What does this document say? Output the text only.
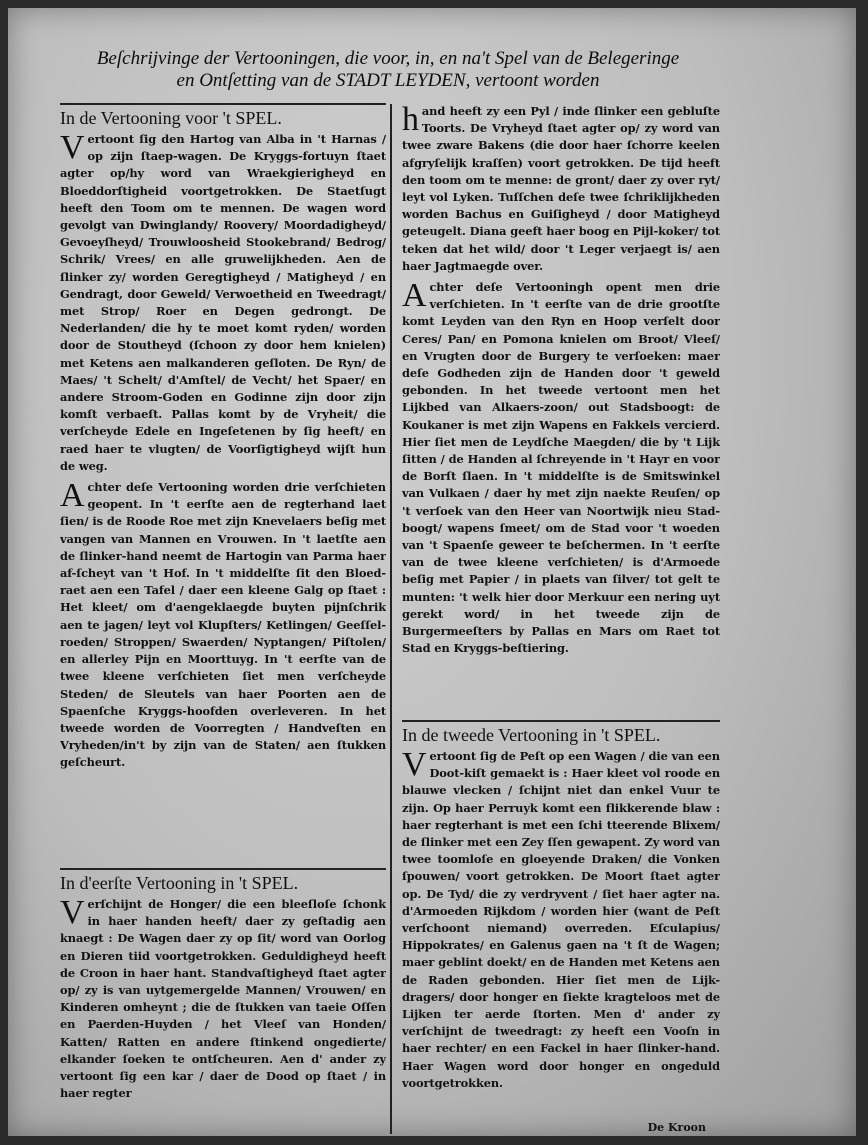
Beſchrijvinge der Vertooningen, die voor, in, en na't Spel van de Belegeringe
en Ontſetting van de STADT LEYDEN, vertoont worden
In de Vertooning voor 't SPEL.

Vertoont ſig den Hartog van Alba in 't Harnas / op zijn ſtaep-wagen. De Kryggs-fortuyn ſtaet agter op/hy word van Wraekgierigheyd en Bloeddorſtigheid voortgetrokken. De Staetſugt heeft den Toom om te mennen. De wagen word gevolgt van Dwinglandy/ Roovery/ Moordadigheyd/ Gevoeyſheyd/ Trouwloosheid Stookebrand/ Bedrog/ Schrik/ Vrees/ en alle gruwelijkheden. Aen de ſlinker zy/ worden Geregtigheyd / Matigheyd / en Gendragt, door Geweld/ Verwoetheid en Tweedragt/ met Strop/ Roer en Degen gedrongt. De Nederlanden/ die hy te moet komt ryden/ worden door de Stoutheyd (ſchoon zy door hem knielen) met Ketens aen malkanderen geſloten. De Ryn/ de Maes/ 't Schelt/ d'Amſtel/ de Vecht/ het Spaer/ en andere Stroom-Goden en Godinne zijn door zijn komſt verbaeſt. Pallas komt by de Vryheit/ die verſcheyde Edele en Ingeſetenen by ſig heeft/ en raed haer te vlugten/ de Voorſigtigheyd wijſt hun de weg.

Achter deſe Vertooning worden drie verſchieten geopent. In 't eerſte aen de regterhand laet ſien/ is de Roode Roe met zijn Knevelaers beſig met vangen van Mannen en Vrouwen. In 't laetſte aen de ſlinker-hand neemt de Hartogin van Parma haer af-ſcheyt van 't Hof. In 't middelſte ſit den Bloed-raet aen een Tafel / daer een kleene Galg op ſtaet : Het kleet/ om d'aengeklaegde buyten pijnſchrik aen te jagen/ leyt vol Klupſters/ Ketlingen/ Geeſſel-roeden/ Stroppen/ Swaerden/ Nyptangen/ Piſtolen/ en allerley Pijn en Moorttuyg. In 't eerſte van de twee kleene verſchieten ſiet men verſcheyde Steden/ de Sleutels van haer Poorten aen de Spaenſche Kryggs-hoofden overleveren. In het tweede worden de Voorregten / Handveſten en Vryheden/in't by zijn van de Staten/ aen ſtukken geſcheurt.

In d'eerſte Vertooning in 't SPEL.

Verſchijnt de Honger/ die een bleeſloſe ſchonk in haer handen heeft/ daer zy geſtadig aen knaegt : De Wagen daer zy op ſit/ word van Oorlog en Dieren tiid voortgetrokken. Geduldigheyd heeft de Croon in haer hant. Standvaſtigheyd ſtaet agter op/ zy is van uytgemergelde Mannen/ Vrouwen/ en Kinderen omheynt ; die de ſtukken van taeie Oſſen en Paerden-Huyden / het Vleeſ van Honden/ Katten/ Ratten en andere ſtinkend ongedierte/ elkander ſoeken te ontſcheuren. Aen d' ander zy vertoont ſig een kar / daer de Dood op ſtaet / in haer regter

hand heeft zy een Pyl / inde ſlinker een gebluſte Toorts. De Vryheyd ſtaet agter op/ zy word van twee zware Bakens (die door haer ſchorre keelen afgryſelijk kraſſen) voort getrokken. De tijd heeft den toom om te menne: de gront/ daer zy over ryt/ leyt vol Lyken. Tuſſchen deſe twee ſchriklijkheden worden Bachus en Guiſigheyd / door Matigheyd geteugelt. Diana geeft haer boog en Pijl-koker/ tot teken dat het wild/ door 't Leger verjaegt is/ aen haer Jagtmaegde over.

Achter deſe Vertooningh opent men drie verſchieten. In 't eerſte van de drie grootſte komt Leyden van den Ryn en Hoop verſelt door Ceres/ Pan/ en Pomona knielen om Broot/ Vleeſ/ en Vrugten door de Burgery te verſoeken: maer deſe Godheden zijn de Handen door 't geweld gebonden. In het tweede vertoont men het Lijkbed van Alkaers-zoon/ out Stadsboogt: de Koukaner is met zijn Wapens en Fakkels vercierd. Hier ſiet men de Leydſche Maegden/ die by 't Lijk ſitten / de Handen al ſchreyende in 't Hayr en voor de Borſt ſlaen. In 't middelſte is de Smitswinkel van Vulkaen / daer hy met zijn naekte Reuſen/ op 't verſoek van den Heer van Noortwijk nieu Stad-boogt/ wapens ſmeet/ om de Stad voor 't woeden van 't Spaenſe geweer te beſchermen. In 't eerſte van de twee kleene verſchieten/ is d'Armoede beſig met Papier / in plaets van ſilver/ tot gelt te munten: 't welk hier door Merkuur een nering uyt gerekt word/ in het tweede zijn de Burgermeeſters by Pallas en Mars om Raet tot Stad en Kryggs-beſtiering.

In de tweede Vertooning in 't SPEL.

Vertoont ſig de Peſt op een Wagen / die van een Doot-kiſt gemaekt is : Haer kleet vol roode en blauwe vlecken / ſchijnt niet dan enkel Vuur te zijn. Op haer Perruyk komt een flikkerende blaw : haer regterhant is met een ſchi tteerende Blixem/ de ſlinker met een Zey ſſen gewapent. Zy word van twee toomloſe en gloeyende Draken/ die Vonken ſpouwen/ voort getrokken. De Moort ſtaet agter op. De Tyd/ die zy verdryvent / ſiet haer agter na. d'Armoeden Rijkdom / worden hier (want de Peſt verſchoont niemand) overreden. Eſculapius/ Hippokrates/ en Galenus gaen na 't ſt de Wagen; maer geblint doekt/ en de Handen met Ketens aen de Raden gebonden. Hier ſiet men de Lijk-dragers/ door honger en ſiekte kragteloos met de Lijken ter aerde ſtorten. Men d' ander zy verſchijnt de tweedragt: zy heeft een Vooſn in haer rechter/ en een Fackel in haer ſlinker-hand. Haer Wagen word door honger en ongeduld voortgetrokken.

De Kroon
